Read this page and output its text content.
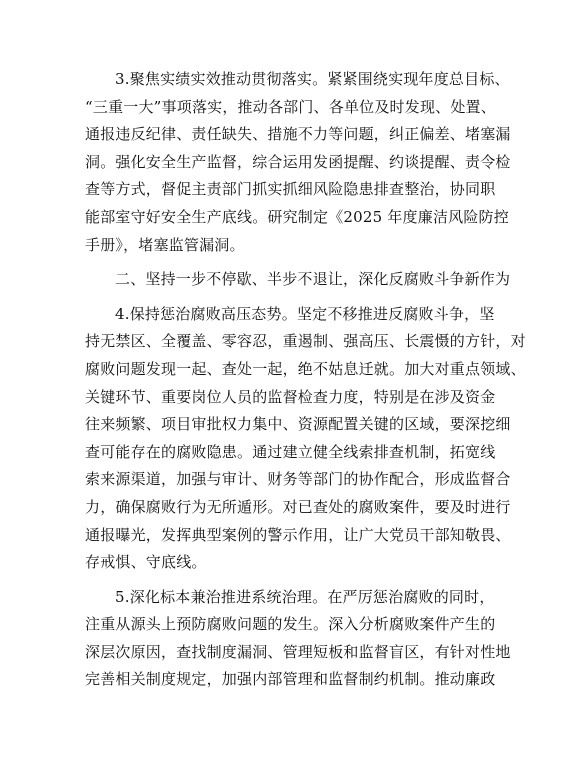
3.聚焦实绩实效推动贯彻落实。紧紧围绕实现年度总目标、
“三重一大”事项落实，推动各部门、各单位及时发现、处置、
通报违反纪律、责任缺失、措施不力等问题，纠正偏差、堵塞漏
洞。强化安全生产监督，综合运用发函提醒、约谈提醒、责令检
查等方式，督促主责部门抓实抓细风险隐患排查整治，协同职
能部室守好安全生产底线。研究制定《2025 年度廉洁风险防控
手册》，堵塞监管漏洞。
二、坚持一步不停歇、半步不退让，深化反腐败斗争新作为
4.保持惩治腐败高压态势。坚定不移推进反腐败斗争，坚
持无禁区、全覆盖、零容忍，重遏制、强高压、长震慑的方针，对
腐败问题发现一起、查处一起，绝不姑息迁就。加大对重点领域、
关键环节、重要岗位人员的监督检查力度，特别是在涉及资金
往来频繁、项目审批权力集中、资源配置关键的区域，要深挖细
查可能存在的腐败隐患。通过建立健全线索排查机制，拓宽线
索来源渠道，加强与审计、财务等部门的协作配合，形成监督合
力，确保腐败行为无所遁形。对已查处的腐败案件，要及时进行
通报曝光，发挥典型案例的警示作用，让广大党员干部知敬畏、
存戒惧、守底线。
5.深化标本兼治推进系统治理。在严厉惩治腐败的同时，
注重从源头上预防腐败问题的发生。深入分析腐败案件产生的
深层次原因，查找制度漏洞、管理短板和监督盲区，有针对性地
完善相关制度规定，加强内部管理和监督制约机制。推动廉政
